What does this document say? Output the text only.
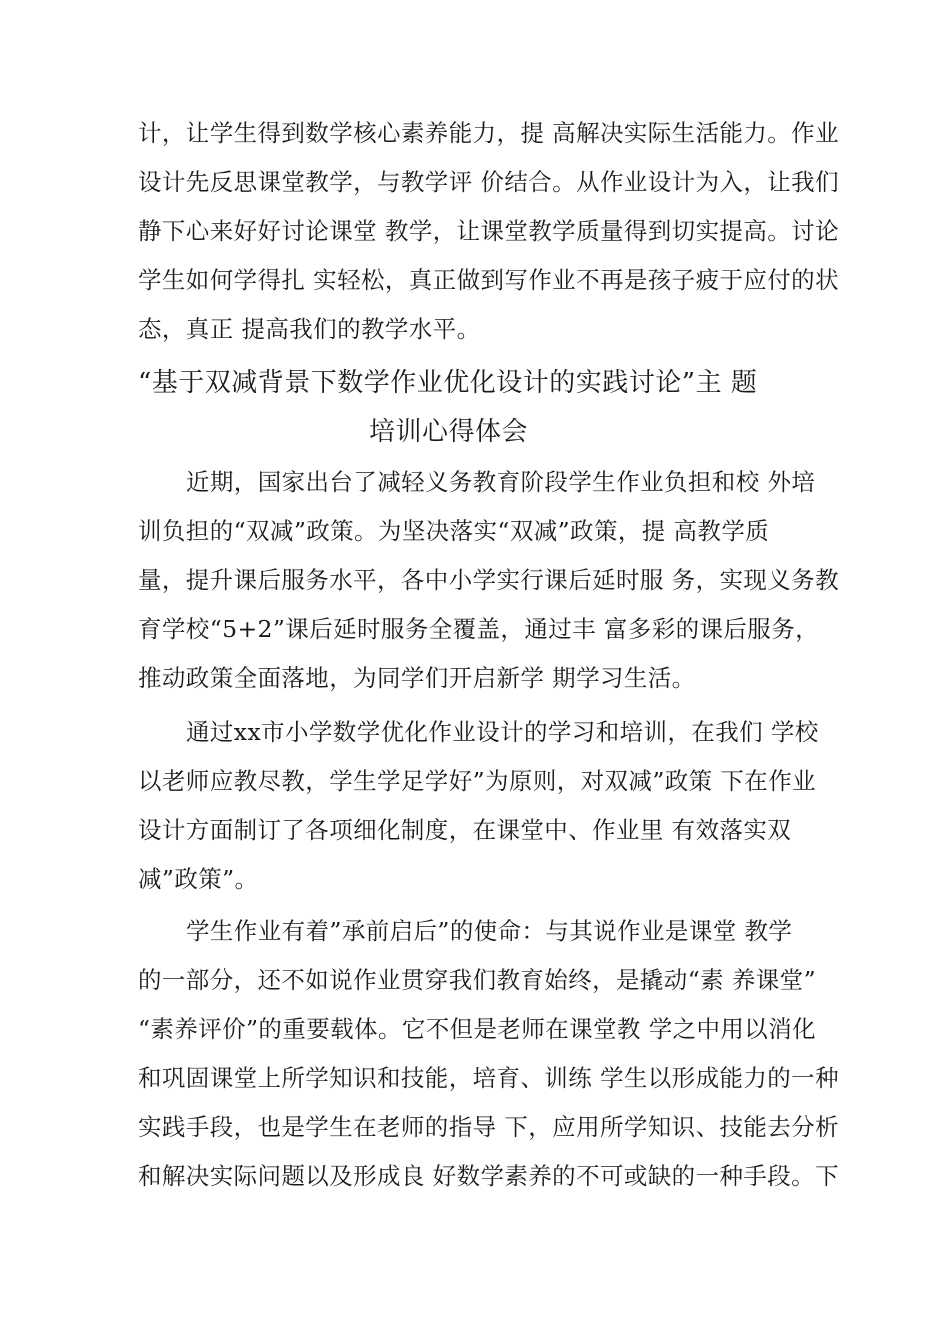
计，让学生得到数学核心素养能力，提 高解决实际生活能力。作业
设计先反思课堂教学，与教学评 价结合。从作业设计为入，让我们
静下心来好好讨论课堂 教学，让课堂教学质量得到切实提高。讨论
学生如何学得扎 实轻松，真正做到写作业不再是孩子疲于应付的状
态，真正 提高我们的教学水平。
“基于双减背景下数学作业优化设计的实践讨论”主 题
培训心得体会
近期，国家出台了减轻义务教育阶段学生作业负担和校 外培
训负担的“双减”政策。为坚决落实“双减”政策，提 高教学质
量，提升课后服务水平，各中小学实行课后延时服 务，实现义务教
育学校“5+2”课后延时服务全覆盖，通过丰 富多彩的课后服务，
推动政策全面落地，为同学们开启新学 期学习生活。
通过xx市小学数学优化作业设计的学习和培训，在我们 学校
以老师应教尽教，学生学足学好”为原则，对双减”政策 下在作业
设计方面制订了各项细化制度，在课堂中、作业里 有效落实双
减”政策”。
学生作业有着”承前启后”的使命：与其说作业是课堂 教学
的一部分，还不如说作业贯穿我们教育始终，是撬动“素 养课堂”
“素养评价”的重要载体。它不但是老师在课堂教 学之中用以消化
和巩固课堂上所学知识和技能，培育、训练 学生以形成能力的一种
实践手段，也是学生在老师的指导 下，应用所学知识、技能去分析
和解决实际问题以及形成良 好数学素养的不可或缺的一种手段。下
